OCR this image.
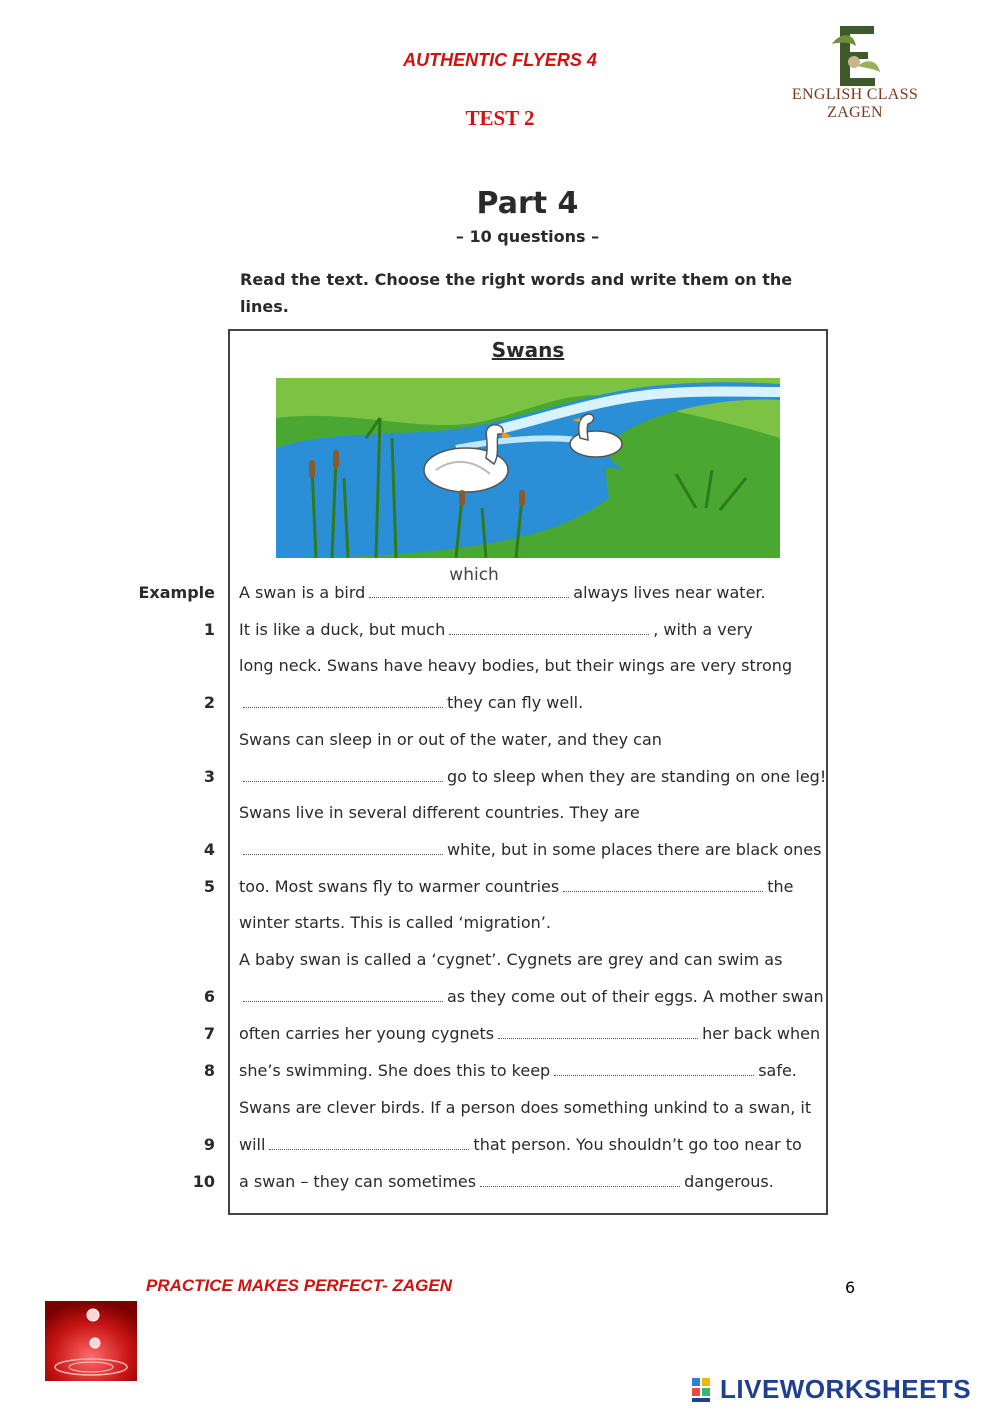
AUTHENTIC FLYERS 4
TEST 2
ENGLISH CLASS ZAGEN
Part 4
– 10 questions –
Read the text. Choose the right words and write them on the lines.
Swans
Example A swan is a bird
which
always lives near water.
1 It is like a duck, but much	, with a very
long neck. Swans have heavy bodies, but their wings are very strong
2	they can fly well.
Swans can sleep in or out of the water, and they can
3	go to sleep when they are standing on one leg!
Swans live in several different countries. They are
4	white, but in some places there are black ones
5 too. Most swans fly to warmer countries	the
winter starts. This is called ‘migration’.
A baby swan is called a ‘cygnet’. Cygnets are grey and can swim as
6	as they come out of their eggs. A mother swan
7 often carries her young cygnets	her back when
8 she’s swimming. She does this to keep	safe.
Swans are clever birds. If a person does something unkind to a swan, it
9 will	that person. You shouldn’t go too near to
10 a swan – they can sometimes	dangerous.
PRACTICE MAKES PERFECT- ZAGEN	6
LIVEWORKSHEETS
